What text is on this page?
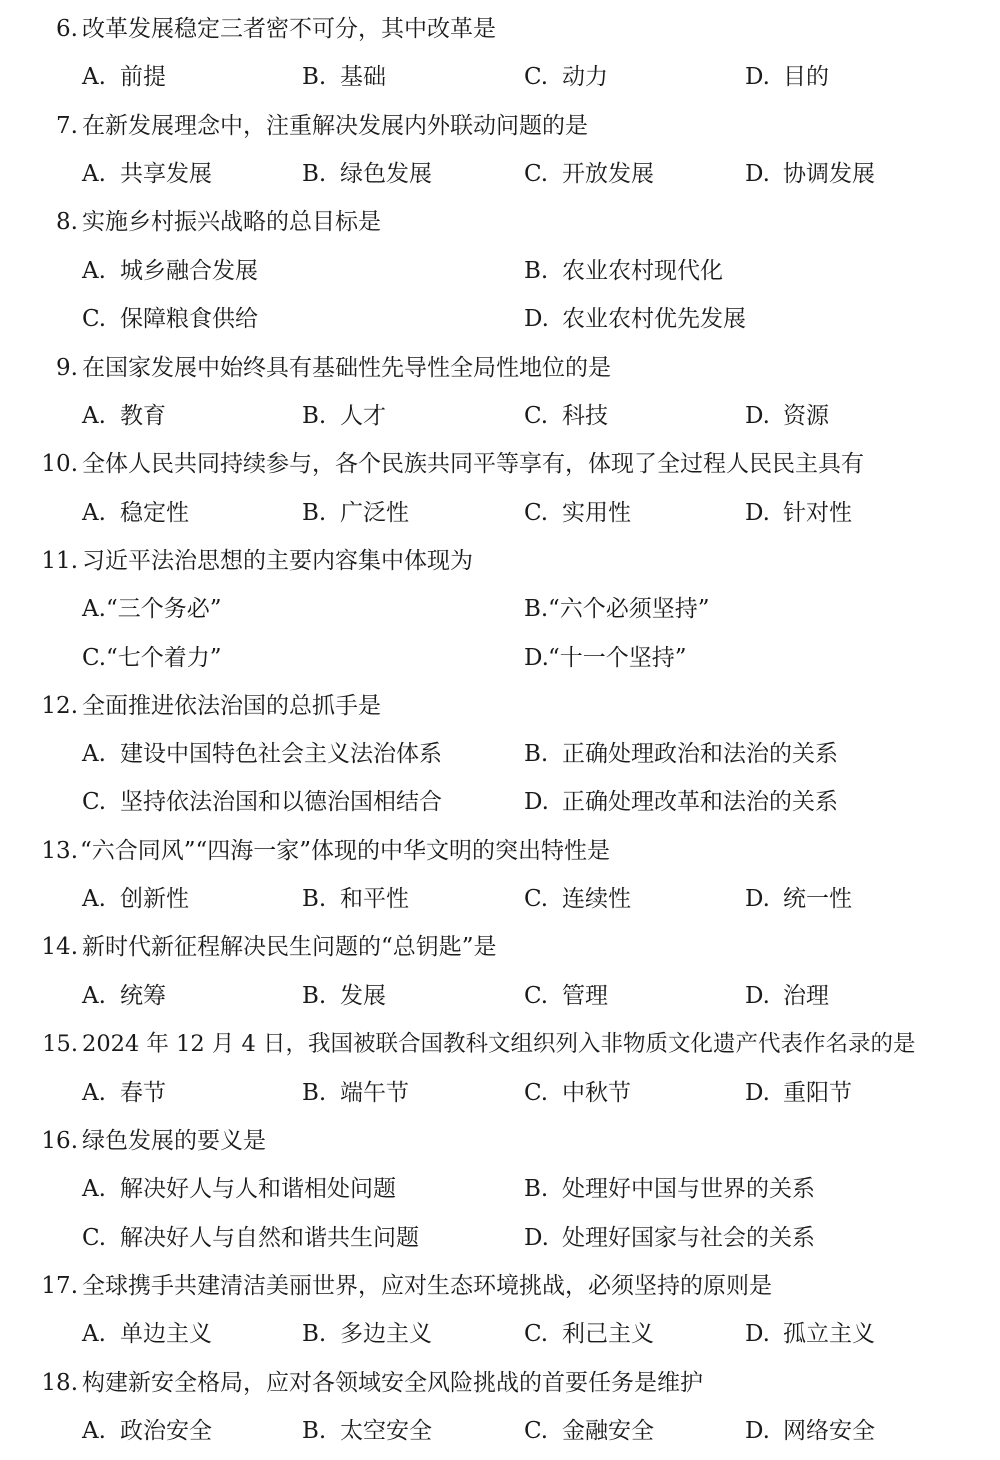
6. 改革发展稳定三者密不可分，其中改革是
A. 前提	B. 基础	C. 动力	D. 目的
7. 在新发展理念中，注重解决发展内外联动问题的是
A. 共享发展	B. 绿色发展	C. 开放发展	D. 协调发展
8. 实施乡村振兴战略的总目标是
A. 城乡融合发展	B. 农业农村现代化
C. 保障粮食供给	D. 农业农村优先发展
9. 在国家发展中始终具有基础性先导性全局性地位的是
A. 教育	B. 人才	C. 科技	D. 资源
10. 全体人民共同持续参与，各个民族共同平等享有，体现了全过程人民民主具有
A. 稳定性	B. 广泛性	C. 实用性	D. 针对性
11. 习近平法治思想的主要内容集中体现为
A.“三个务必”	B.“六个必须坚持”
C.“七个着力”	D.“十一个坚持”
12. 全面推进依法治国的总抓手是
A. 建设中国特色社会主义法治体系	B. 正确处理政治和法治的关系
C. 坚持依法治国和以德治国相结合	D. 正确处理改革和法治的关系
13. “六合同风”“四海一家”体现的中华文明的突出特性是
A. 创新性	B. 和平性	C. 连续性	D. 统一性
14. 新时代新征程解决民生问题的“总钥匙”是
A. 统筹	B. 发展	C. 管理	D. 治理
15. 2024 年 12 月 4 日，我国被联合国教科文组织列入非物质文化遗产代表作名录的是
A. 春节	B. 端午节	C. 中秋节	D. 重阳节
16. 绿色发展的要义是
A. 解决好人与人和谐相处问题	B. 处理好中国与世界的关系
C. 解决好人与自然和谐共生问题	D. 处理好国家与社会的关系
17. 全球携手共建清洁美丽世界，应对生态环境挑战，必须坚持的原则是
A. 单边主义	B. 多边主义	C. 利己主义	D. 孤立主义
18. 构建新安全格局，应对各领域安全风险挑战的首要任务是维护
A. 政治安全	B. 太空安全	C. 金融安全	D. 网络安全
